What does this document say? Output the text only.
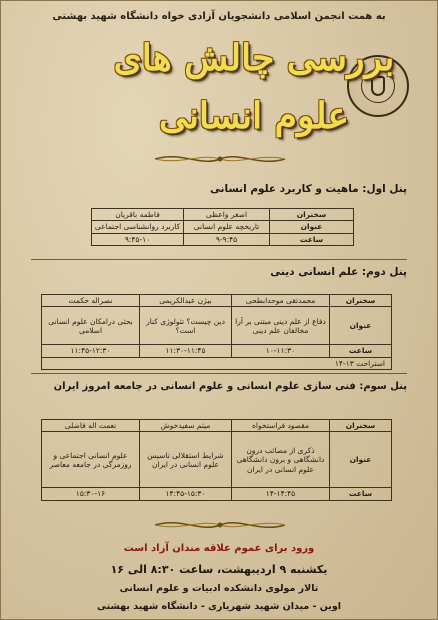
به همت انجمن اسلامی دانشجویان آزادی خواه دانشگاه شهید بهشتی
بررسی چالش های
علوم انسانی
پنل اول: ماهیت و کاربرد علوم انسانی
سخنران	اصغر واعظی	فاطمه باقریان
عنوان	تاریخچه علوم انسانی	کاربرد روانشناسی اجتماعی
ساعت	۹-۹:۴۵	۹:۴۵-۱۰
پنل دوم: علم انسانی دینی
سخنران	محمدتقی موحدابطحی	بیژن عبدالکریمی	نصراله حکمت
عنوان	دفاع از علم دینی مبتنی بر آرا مخالفان علم دینی	دین چیست؟ تئولوژی کنار است؟	بحثی درامکان علوم انسانی اسلامی
ساعت	۱۰-۱۱:۳۰	۱۱:۳۰-۱۱:۴۵	۱۱:۴۵-۱۲:۳۰
استراحت ۱۳-۱۴			
پنل سوم: فنی سازی علوم انسانی و علوم انسانی در جامعه امروز ایران
سخنران	مقصود فراستخواه	میثم سفیدخوش	نعمت اله فاضلی
عنوان	ذکری از مصائب درون دانشگاهی و برون دانشگاهی علوم انسانی در ایران	شرایط استقلالی تاسیس علوم انسانی در ایران	علوم انسانی اجتماعی و روزمرگی در جامعه معاصر
ساعت	۱۴-۱۴:۴۵	۱۴:۴۵-۱۵:۳۰	۱۵:۳۰-۱۶
ورود برای عموم علاقه مندان آزاد است
یکشنبه ۹ اردیبهشت، ساعت ۸:۳۰ الی ۱۶
تالار مولوی دانشکده ادبیات و علوم انسانی
اوین - میدان شهید شهریاری - دانشگاه شهید بهشتی
